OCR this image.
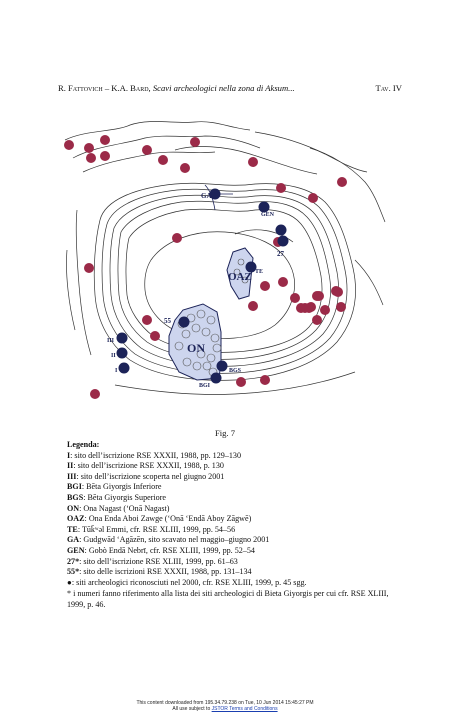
R. Fattovich – K.A. Bard, Scavi archeologici nella zona di Aksum...	Tav. IV
GA
GEN
27
TE
OAZ
55
ON
III
II
I	BGS
BGI
Fig. 7
Legenda:
I: sito dell’iscrizione RSE XXXII, 1988, pp. 129–130
II: sito dell’iscrizione RSE XXXII, 1988, p. 130
III: sito dell’iscrizione scoperta nel giugno 2001
BGI: Bēta Giyorgis Inferiore
BGS: Bēta Giyorgis Superiore
ON: Ona Nagast (‘Onā Nagast)
OAZ: Ona Enda Aboi Zawge (‘Onā ‘Endā Aboy Zāgwē)
TE: Tūk̄ʷəl Emmi, cfr. RSE XLIII, 1999, pp. 54–56
GA: Gudgwād ‘Agāzēn, sito scavato nel maggio–giugno 2001
GEN: Gobò Endā Nebrī, cfr. RSE XLIII, 1999, pp. 52–54
27*: sito dell’iscrizione RSE XLIII, 1999, pp. 61–63
55*: sito delle iscrizioni RSE XXXII, 1988, pp. 131–134
●: siti archeologici riconosciuti nel 2000, cfr. RSE XLIII, 1999, p. 45 sgg.
* i numeri fanno riferimento alla lista dei siti archeologici di Bieta Giyorgis per cui cfr. RSE XLIII, 1999, p. 46.
This content downloaded from 195.34.79.238 on Tue, 10 Jun 2014 15:45:27 PM
All use subject to JSTOR Terms and Conditions
